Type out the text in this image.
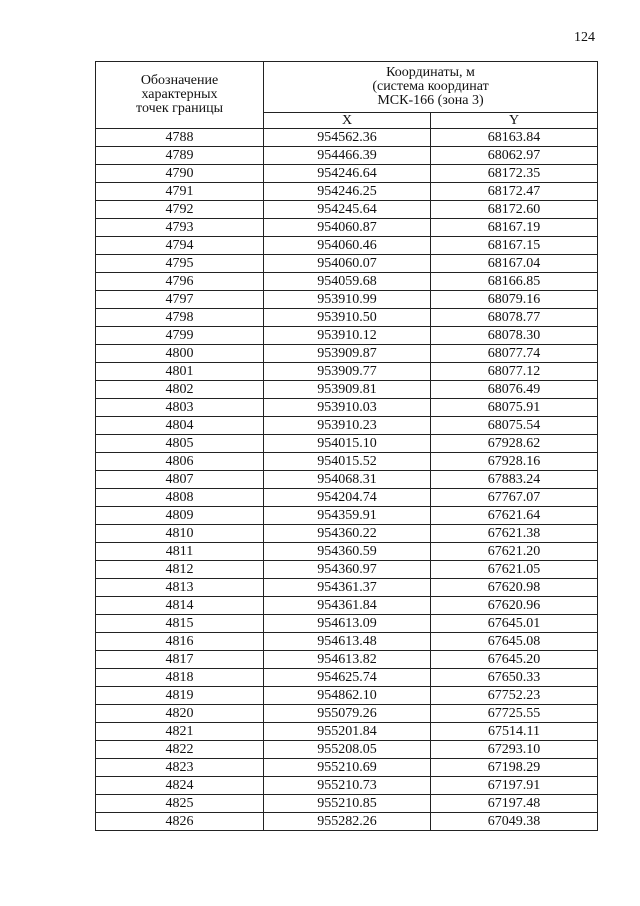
124
Обозначение
характерных
точек границы	Координаты, м
(система координат
МСК-166 (зона 3)	

	X	Y
4788	954562.36	68163.84
4789	954466.39	68062.97
4790	954246.64	68172.35
4791	954246.25	68172.47
4792	954245.64	68172.60
4793	954060.87	68167.19
4794	954060.46	68167.15
4795	954060.07	68167.04
4796	954059.68	68166.85
4797	953910.99	68079.16
4798	953910.50	68078.77
4799	953910.12	68078.30
4800	953909.87	68077.74
4801	953909.77	68077.12
4802	953909.81	68076.49
4803	953910.03	68075.91
4804	953910.23	68075.54
4805	954015.10	67928.62
4806	954015.52	67928.16
4807	954068.31	67883.24
4808	954204.74	67767.07
4809	954359.91	67621.64
4810	954360.22	67621.38
4811	954360.59	67621.20
4812	954360.97	67621.05
4813	954361.37	67620.98
4814	954361.84	67620.96
4815	954613.09	67645.01
4816	954613.48	67645.08
4817	954613.82	67645.20
4818	954625.74	67650.33
4819	954862.10	67752.23
4820	955079.26	67725.55
4821	955201.84	67514.11
4822	955208.05	67293.10
4823	955210.69	67198.29
4824	955210.73	67197.91
4825	955210.85	67197.48
4826	955282.26	67049.38
